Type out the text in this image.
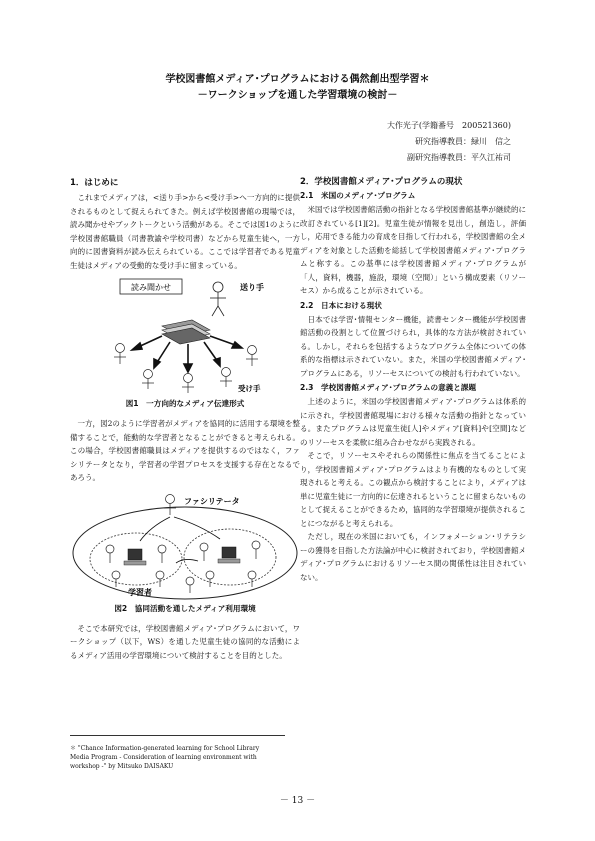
学校図書館メディア･プログラムにおける偶然創出型学習＊
－ワークショップを通した学習環境の検討－
大作光子(学籍番号　200521360)
研究指導教員：緑川　信之
副研究指導教員：平久江祐司
1．はじめに

これまでメディアは，<送り手>から<受け手>へ一方向的に提供されるものとして捉えられてきた。例えば学校図書館の現場では，読み聞かせやブックトークという活動がある。そこでは図1のように学校図書館職員（司書教諭や学校司書）などから児童生徒へ，一方向的に図書資料が読み伝えられている。ここでは学習者である児童生徒はメディアの受動的な受け手に留まっている。

読み聞かせ	送り手
受け手
図1　一方向的なメディア伝達形式

一方，図2のように学習者がメディアを協同的に活用する環境を整備することで，能動的な学習者となることができると考えられる。この場合，学校図書館職員はメディアを提供するのではなく，ファシリテータとなり，学習者の学習プロセスを支援する存在となるであろう。

ファシリテータ
学習者
図2　協同活動を通したメディア利用環境

そこで本研究では，学校図書館メディア･プログラムにおいて，ワークショップ（以下，WS）を通した児童生徒の協同的な活動によるメディア活用の学習環境について検討することを目的とした。

2．学校図書館メディア･プログラムの現状
2.1　米国のメディア･プログラム

米国では学校図書館活動の指針となる学校図書館基準が継続的に改訂されている[1][2]。児童生徒が情報を見出し，創造し，評価し，応用できる能力の育成を目指して行われる，学校図書館の全メディアを対象とした活動を総括して学校図書館メディア･プログラムと称する。この基準には学校図書館メディア･プログラムが「人，資料，機器，施設，環境（空間）」という構成要素（リソーセス）から成ることが示されている。

2.2　日本における現状

日本では学習･情報センター機能，読書センター機能が学校図書館活動の役割として位置づけられ，具体的な方法が検討されている。しかし，それらを包括するようなプログラム全体についての体系的な指標は示されていない。また，米国の学校図書館メディア･プログラムにある，リソーセスについての検討も行われていない。

2.3　学校図書館メディア･プログラムの意義と課題

上述のように，米国の学校図書館メディア･プログラムは体系的に示され，学校図書館現場における様々な活動の指針となっている。またプログラムは児童生徒[人]やメディア[資料]や[空間]などのリソーセスを柔軟に組み合わせながら実践される。

そこで，リソーセスやそれらの関係性に焦点を当てることにより，学校図書館メディア･プログラムはより有機的なものとして実現されると考える。この観点から検討することにより，メディアは単に児童生徒に一方向的に伝達されるということに留まらないものとして捉えることができるため，協同的な学習環境が提供されることにつながると考えられる。

ただし，現在の米国においても，インフォメーション･リテラシーの獲得を目指した方法論が中心に検討されており，学校図書館メディア･プログラムにおけるリソーセス間の関係性は注目されていない。

＊ "Chance Information-generated learning for School Library
Media Program - Consideration of learning environment with
workshop -" by Mitsuko DAISAKU
－ 13 －
